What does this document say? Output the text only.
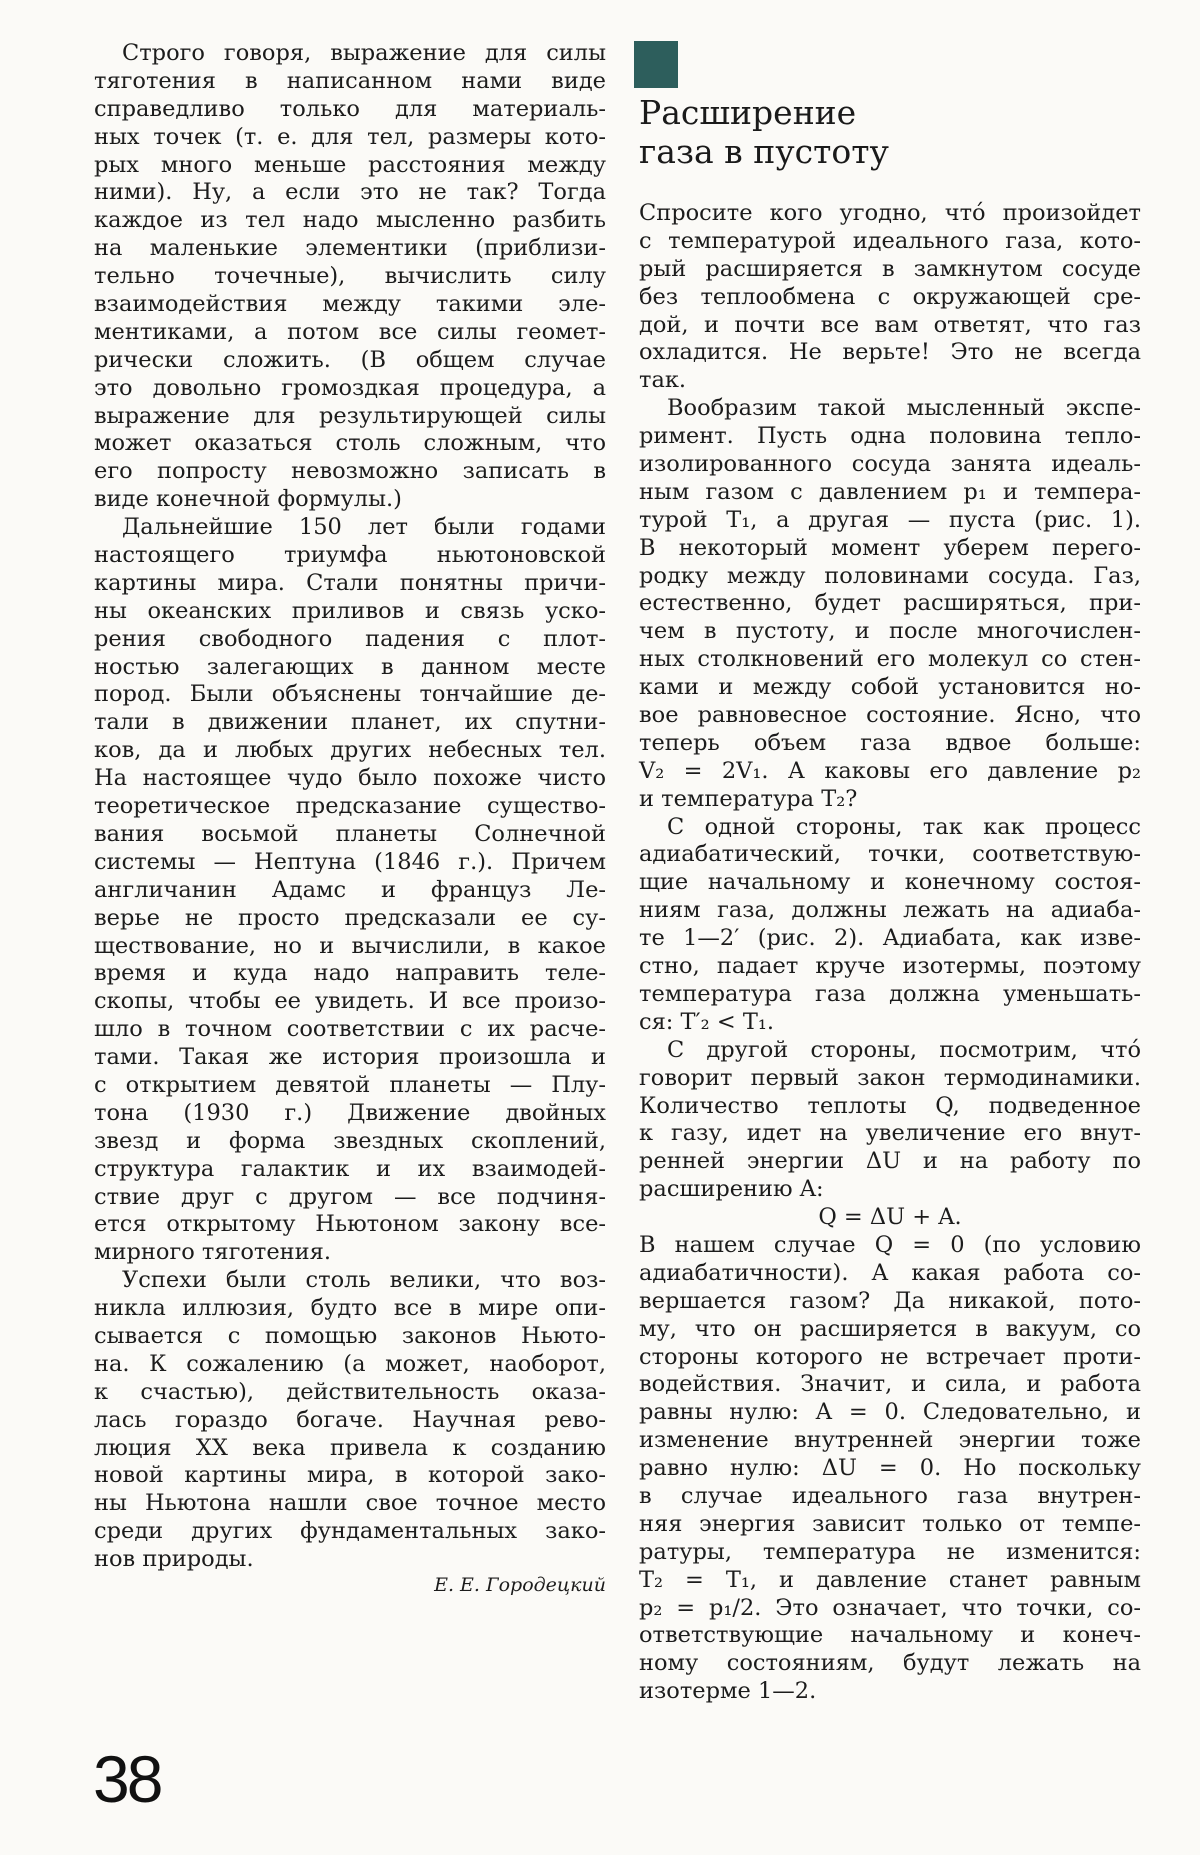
Строго говоря, выражение для силы
тяготения в написанном нами виде
справедливо только для материаль-
ных точек (т. е. для тел, размеры кото-
рых много меньше расстояния между
ними). Ну, а если это не так? Тогда
каждое из тел надо мысленно разбить
на маленькие элементики (приблизи-
тельно точечные), вычислить силу
взаимодействия между такими эле-
ментиками, а потом все силы геомет-
рически сложить. (В общем случае
это довольно громоздкая процедура, а
выражение для результирующей силы
может оказаться столь сложным, что
его попросту невозможно записать в
виде конечной формулы.)
Дальнейшие 150 лет были годами
настоящего триумфа ньютоновской
картины мира. Стали понятны причи-
ны океанских приливов и связь уско-
рения свободного падения с плот-
ностью залегающих в данном месте
пород. Были объяснены тончайшие де-
тали в движении планет, их спутни-
ков, да и любых других небесных тел.
На настоящее чудо было похоже чисто
теоретическое предсказание существо-
вания восьмой планеты Солнечной
системы — Нептуна (1846 г.). Причем
англичанин Адамс и француз Ле-
верье не просто предсказали ее су-
ществование, но и вычислили, в какое
время и куда надо направить теле-
скопы, чтобы ее увидеть. И все произо-
шло в точном соответствии с их расче-
тами. Такая же история произошла и
с открытием девятой планеты — Плу-
тона (1930 г.) Движение двойных
звезд и форма звездных скоплений,
структура галактик и их взаимодей-
ствие друг с другом — все подчиня-
ется открытому Ньютоном закону все-
мирного тяготения.
Успехи были столь велики, что воз-
никла иллюзия, будто все в мире опи-
сывается с помощью законов Ньюто-
на. К сожалению (а может, наоборот,
к счастью), действительность оказа-
лась гораздо богаче. Научная рево-
люция XX века привела к созданию
новой картины мира, в которой зако-
ны Ньютона нашли свое точное место
среди других фундаментальных зако-
нов природы.
Е. Е. Городецкий
Расширение
газа в пустоту
Спросите кого угодно, что́ произойдет
с температурой идеального газа, кото-
рый расширяется в замкнутом сосуде
без теплообмена с окружающей сре-
дой, и почти все вам ответят, что газ
охладится. Не верьте! Это не всегда
так.
Вообразим такой мысленный экспе-
римент. Пусть одна половина тепло-
изолированного сосуда занята идеаль-
ным газом с давлением p₁ и темпера-
турой T₁, а другая — пуста (рис. 1).
В некоторый момент уберем перего-
родку между половинами сосуда. Газ,
естественно, будет расширяться, при-
чем в пустоту, и после многочислен-
ных столкновений его молекул со стен-
ками и между собой установится но-
вое равновесное состояние. Ясно, что
теперь объем газа вдвое больше:
V₂ = 2V₁. А каковы его давление p₂
и температура T₂?
С одной стороны, так как процесс
адиабатический, точки, соответствую-
щие начальному и конечному состоя-
ниям газа, должны лежать на адиаба-
те 1—2′ (рис. 2). Адиабата, как изве-
стно, падает круче изотермы, поэтому
температура газа должна уменьшать-
ся: T′₂ < T₁.
С другой стороны, посмотрим, что́
говорит первый закон термодинамики.
Количество теплоты Q, подведенное
к газу, идет на увеличение его внут-
ренней энергии ΔU и на работу по
расширению A:
Q = ΔU + A.
В нашем случае Q = 0 (по условию
адиабатичности). А какая работа со-
вершается газом? Да никакой, пото-
му, что он расширяется в вакуум, со
стороны которого не встречает проти-
водействия. Значит, и сила, и работа
равны нулю: A = 0. Следовательно, и
изменение внутренней энергии тоже
равно нулю: ΔU = 0. Но поскольку
в случае идеального газа внутрен-
няя энергия зависит только от темпе-
ратуры, температура не изменится:
T₂ = T₁, и давление станет равным
p₂ = p₁/2. Это означает, что точки, со-
ответствующие начальному и конеч-
ному состояниям, будут лежать на
изотерме 1—2.
38
